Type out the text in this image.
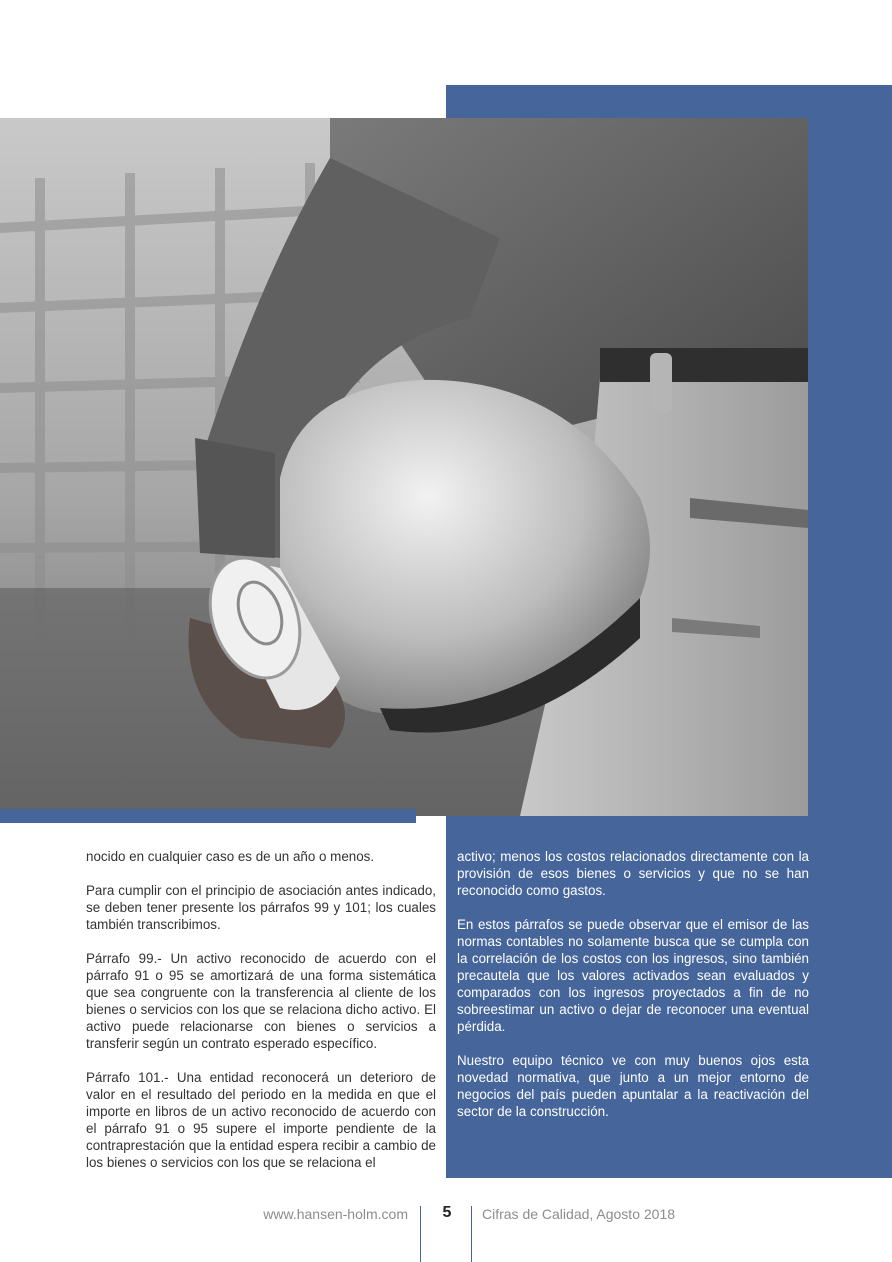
nocido en cualquier caso es de un año o menos.

Para cumplir con el principio de asociación antes indicado, se deben tener presente los párrafos 99 y 101; los cuales también transcribimos.

Párrafo 99.- Un activo reconocido de acuerdo con el párrafo 91 o 95 se amortizará de una forma sistemática que sea congruente con la transferencia al cliente de los bienes o servicios con los que se relaciona dicho activo. El activo puede relacionarse con bienes o servicios a transferir según un contrato esperado específico.

Párrafo 101.- Una entidad reconocerá un deterioro de valor en el resultado del periodo en la medida en que el importe en libros de un activo reconocido de acuerdo con el párrafo 91 o 95 supere el importe pendiente de la contraprestación que la entidad espera recibir a cambio de los bienes o servicios con los que se relaciona el

activo; menos los costos relacionados directamente con la provisión de esos bienes o servicios y que no se han reconocido como gastos.

En estos párrafos se puede observar que el emisor de las normas contables no solamente busca que se cumpla con la correlación de los costos con los ingresos, sino también precautela que los valores activados sean evaluados y comparados con los ingresos proyectados a fin de no sobreestimar un activo o dejar de reconocer una eventual pérdida.

Nuestro equipo técnico ve con muy buenos ojos esta novedad normativa, que junto a un mejor entorno de negocios del país pueden apuntalar a la reactivación del sector de la construcción.

www.hansen-holm.com	5	Cifras de Calidad, Agosto 2018
